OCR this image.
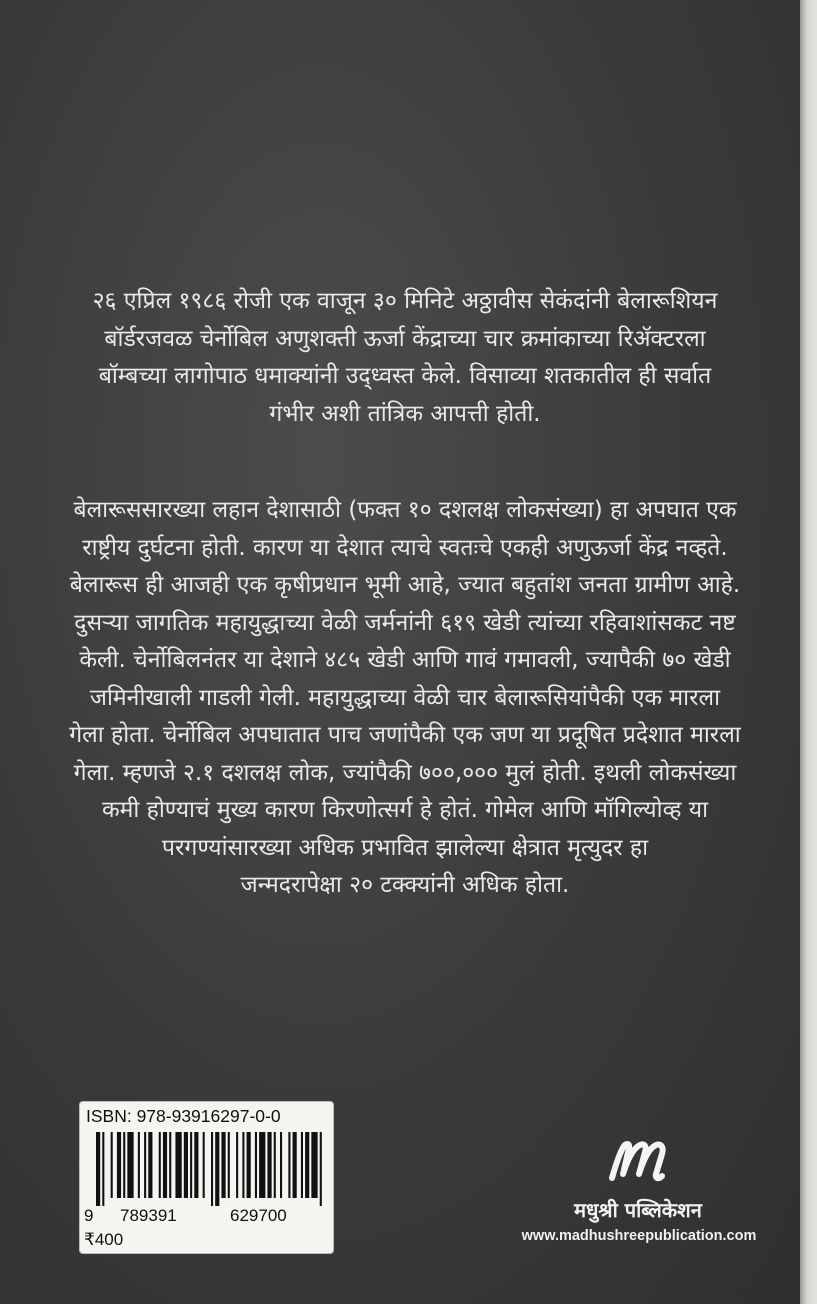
२६ एप्रिल १९८६ रोजी एक वाजून ३० मिनिटे अठ्ठावीस सेकंदांनी बेलारूशियन
बॉर्डरजवळ चेर्नोबिल अणुशक्ती ऊर्जा केंद्राच्या चार क्रमांकाच्या रिॲक्टरला
बॉम्बच्या लागोपाठ धमाक्यांनी उद्ध्वस्त केले. विसाव्या शतकातील ही सर्वात
गंभीर अशी तांत्रिक आपत्ती होती.
बेलारूससारख्या लहान देशासाठी (फक्त १० दशलक्ष लोकसंख्या) हा अपघात एक
राष्ट्रीय दुर्घटना होती. कारण या देशात त्याचे स्वतःचे एकही अणुऊर्जा केंद्र नव्हते.
बेलारूस ही आजही एक कृषीप्रधान भूमी आहे, ज्यात बहुतांश जनता ग्रामीण आहे.
दुसऱ्या जागतिक महायुद्धाच्या वेळी जर्मनांनी ६१९ खेडी त्यांच्या रहिवाशांसकट नष्ट
केली. चेर्नोबिलनंतर या देशाने ४८५ खेडी आणि गावं गमावली, ज्यापैकी ७० खेडी
जमिनीखाली गाडली गेली. महायुद्धाच्या वेळी चार बेलारूसियांपैकी एक मारला
गेला होता. चेर्नोबिल अपघातात पाच जणांपैकी एक जण या प्रदूषित प्रदेशात मारला
गेला. म्हणजे २.१ दशलक्ष लोक, ज्यांपैकी ७००,००० मुलं होती. इथली लोकसंख्या
कमी होण्याचं मुख्य कारण किरणोत्सर्ग हे होतं. गोमेल आणि मॉगिल्योव्ह या
परगण्यांसारख्या अधिक प्रभावित झालेल्या क्षेत्रात मृत्युदर हा
जन्मदरापेक्षा २० टक्क्यांनी अधिक होता.
ISBN: 978-93916297-0-0
9 789391	629700
₹400
मधुश्री पब्लिकेशन
www.madhushreepublication.com
